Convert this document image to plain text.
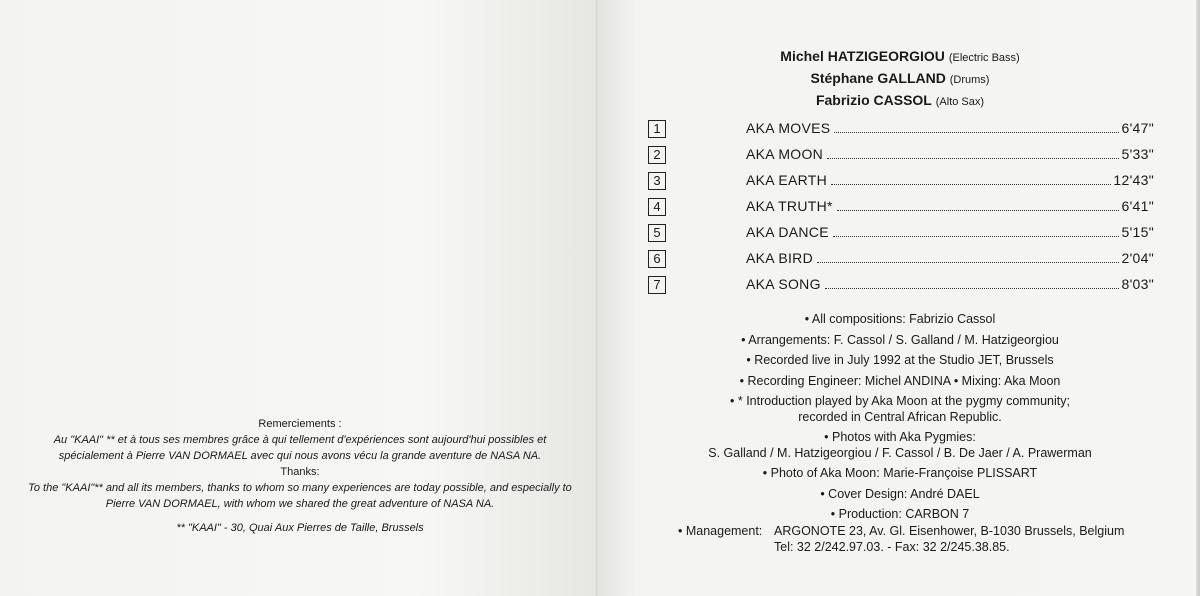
Remerciements :
Au "KAAI" ** et à tous ses membres grâce à qui tellement d'expériences sont aujourd'hui possibles et spécialement à Pierre VAN DORMAEL avec qui nous avons vécu la grande aventure de NASA NA.
Thanks:
To the "KAAI"** and all its members, thanks to whom so many experiences are today possible, and especially to Pierre VAN DORMAEL, with whom we shared the great adventure of NASA NA.
** "KAAI" - 30, Quai Aux Pierres de Taille, Brussels
Michel HATZIGEORGIOU (Electric Bass)
Stéphane GALLAND (Drums)
Fabrizio CASSOL (Alto Sax)
1	AKA MOVES	6'47"
2	AKA MOON	5'33"
3	AKA EARTH	12'43"
4	AKA TRUTH*	6'41"
5	AKA DANCE	5'15"
6	AKA BIRD	2'04"
7	AKA SONG	8'03"

• All compositions: Fabrizio Cassol

• Arrangements: F. Cassol / S. Galland / M. Hatzigeorgiou

• Recorded live in July 1992 at the Studio JET, Brussels

• Recording Engineer: Michel ANDINA • Mixing: Aka Moon

• * Introduction played by Aka Moon at the pygmy community;
recorded in Central African Republic.

• Photos with Aka Pygmies:
S. Galland / M. Hatzigeorgiou / F. Cassol / B. De Jaer / A. Prawerman

• Photo of Aka Moon: Marie-Françoise PLISSART

• Cover Design: André DAEL

• Production: CARBON 7

• Management: ARGONOTE 23, Av. Gl. Eisenhower, B-1030 Brussels, Belgium
Tel: 32 2/242.97.03. - Fax: 32 2/245.38.85.
